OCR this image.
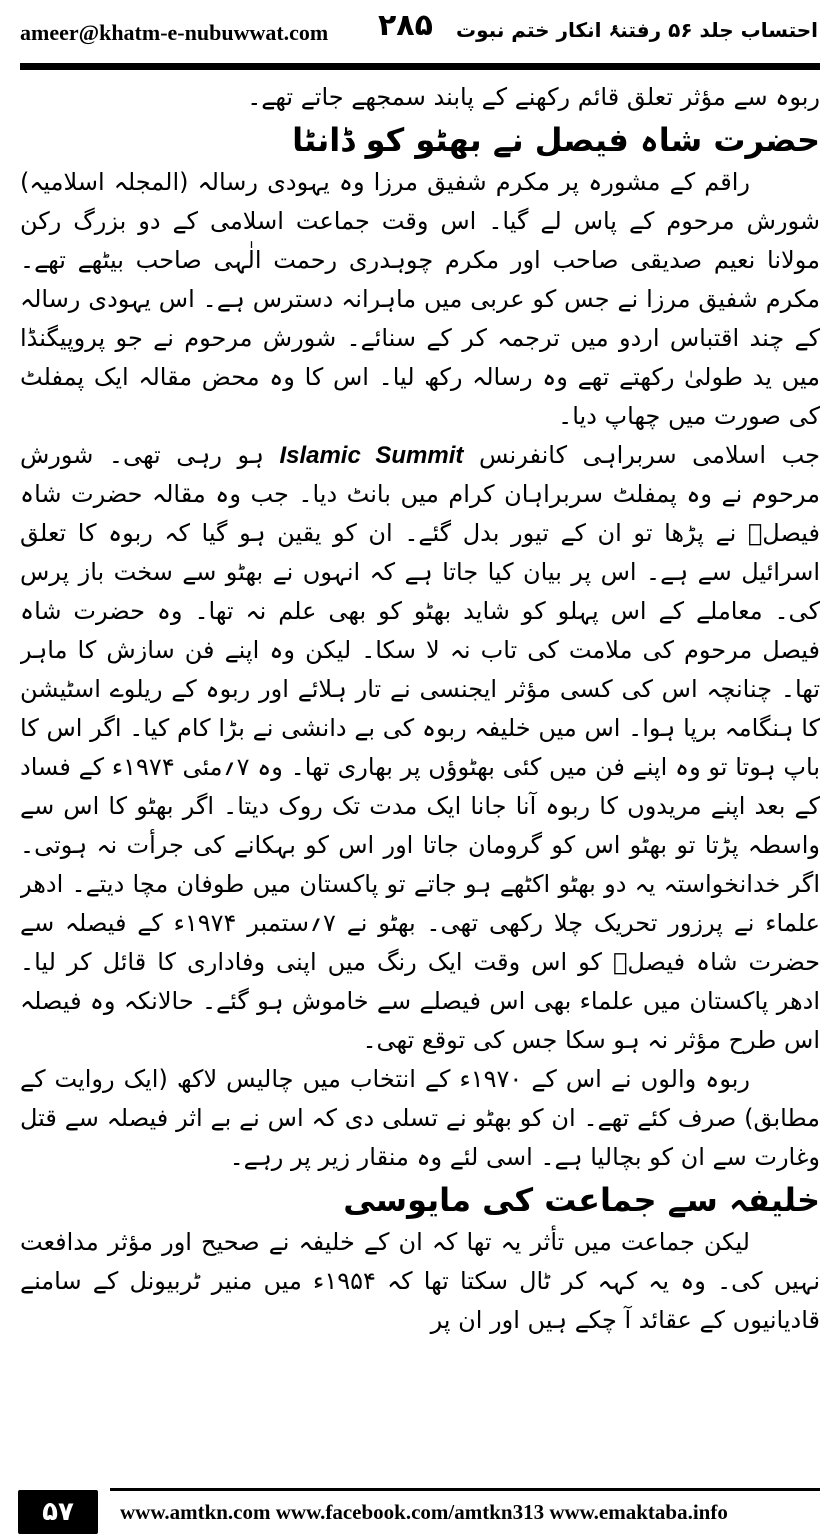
ameer@khatm-e-nubuwwat.com ۲۸۵ احتساب جلد ۵۶ رفتنۂ انکار ختم نبوت

ربوہ سے مؤثر تعلق قائم رکھنے کے پابند سمجھے جاتے تھے۔

حضرت شاہ فیصل نے بھٹو کو ڈانٹا

راقم کے مشورہ پر مکرم شفیق مرزا وہ یہودی رسالہ (المجلہ اسلامیہ) شورش مرحوم کے پاس لے گیا۔ اس وقت جماعت اسلامی کے دو بزرگ رکن مولانا نعیم صدیقی صاحب اور مکرم چوہدری رحمت الٰہی صاحب بیٹھے تھے۔ مکرم شفیق مرزا نے جس کو عربی میں ماہرانہ دسترس ہے۔ اس یہودی رسالہ کے چند اقتباس اردو میں ترجمہ کر کے سنائے۔ شورش مرحوم نے جو پروپیگنڈا میں ید طولیٰ رکھتے تھے وہ رسالہ رکھ لیا۔ اس کا وہ محض مقالہ ایک پمفلٹ کی صورت میں چھاپ دیا۔

جب اسلامی سربراہی کانفرنس Islamic Summit ہو رہی تھی۔ شورش مرحوم نے وہ پمفلٹ سربراہان کرام میں بانٹ دیا۔ جب وہ مقالہ حضرت شاہ فیصلؒ نے پڑھا تو ان کے تیور بدل گئے۔ ان کو یقین ہو گیا کہ ربوہ کا تعلق اسرائیل سے ہے۔ اس پر بیان کیا جاتا ہے کہ انہوں نے بھٹو سے سخت باز پرس کی۔ معاملے کے اس پہلو کو شاید بھٹو کو بھی علم نہ تھا۔ وہ حضرت شاہ فیصل مرحوم کی ملامت کی تاب نہ لا سکا۔ لیکن وہ اپنے فن سازش کا ماہر تھا۔ چنانچہ اس کی کسی مؤثر ایجنسی نے تار ہلائے اور ربوہ کے ریلوے اسٹیشن کا ہنگامہ برپا ہوا۔ اس میں خلیفہ ربوہ کی بے دانشی نے بڑا کام کیا۔ اگر اس کا باپ ہوتا تو وہ اپنے فن میں کئی بھٹوؤں پر بھاری تھا۔ وہ ۷؍مئی ۱۹۷۴ء کے فساد کے بعد اپنے مریدوں کا ربوہ آنا جانا ایک مدت تک روک دیتا۔ اگر بھٹو کا اس سے واسطہ پڑتا تو بھٹو اس کو گرومان جاتا اور اس کو بہکانے کی جرأت نہ ہوتی۔ اگر خدانخواستہ یہ دو بھٹو اکٹھے ہو جاتے تو پاکستان میں طوفان مچا دیتے۔ ادھر علماء نے پرزور تحریک چلا رکھی تھی۔ بھٹو نے ۷؍ستمبر ۱۹۷۴ء کے فیصلہ سے حضرت شاہ فیصلؒ کو اس وقت ایک رنگ میں اپنی وفاداری کا قائل کر لیا۔ ادھر پاکستان میں علماء بھی اس فیصلے سے خاموش ہو گئے۔ حالانکہ وہ فیصلہ اس طرح مؤثر نہ ہو سکا جس کی توقع تھی۔

ربوہ والوں نے اس کے ۱۹۷۰ء کے انتخاب میں چالیس لاکھ (ایک روایت کے مطابق) صرف کئے تھے۔ ان کو بھٹو نے تسلی دی کہ اس نے بے اثر فیصلہ سے قتل وغارت سے ان کو بچالیا ہے۔ اسی لئے وہ منقار زیر پر رہے۔

خلیفہ سے جماعت کی مایوسی

لیکن جماعت میں تأثر یہ تھا کہ ان کے خلیفہ نے صحیح اور مؤثر مدافعت نہیں کی۔ وہ یہ کہہ کر ٹال سکتا تھا کہ ۱۹۵۴ء میں منیر ٹربیونل کے سامنے قادیانیوں کے عقائد آ چکے ہیں اور ان پر

۵۷	www.amtkn.com www.facebook.com/amtkn313 www.emaktaba.info
